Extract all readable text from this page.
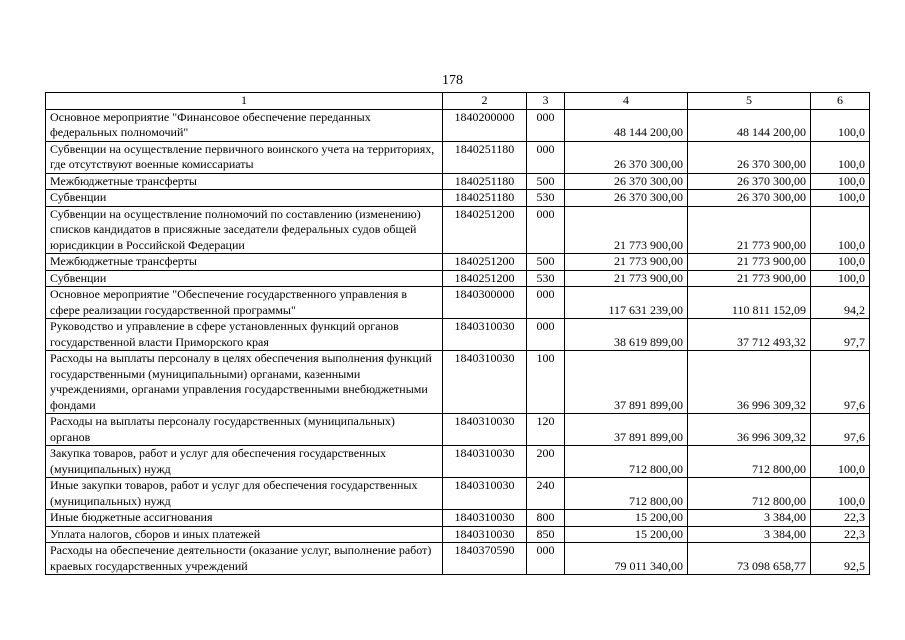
178
1	2	3	4	5	6
Основное мероприятие "Финансовое обеспечение переданных федеральных полномочий"	1840200000	000	48 144 200,00	48 144 200,00	100,0
Субвенции на осуществление первичного воинского учета на территориях, где отсутствуют военные комиссариаты	1840251180	000	26 370 300,00	26 370 300,00	100,0
Межбюджетные трансферты	1840251180	500	26 370 300,00	26 370 300,00	100,0
Субвенции	1840251180	530	26 370 300,00	26 370 300,00	100,0
Субвенции на осуществление полномочий по составлению (изменению) списков кандидатов в присяжные заседатели федеральных судов общей юрисдикции в Российской Федерации	1840251200	000	21 773 900,00	21 773 900,00	100,0
Межбюджетные трансферты	1840251200	500	21 773 900,00	21 773 900,00	100,0
Субвенции	1840251200	530	21 773 900,00	21 773 900,00	100,0
Основное мероприятие "Обеспечение государственного управления в сфере реализации государственной программы"	1840300000	000	117 631 239,00	110 811 152,09	94,2
Руководство и управление в сфере установленных функций органов государственной власти Приморского края	1840310030	000	38 619 899,00	37 712 493,32	97,7
Расходы на выплаты персоналу в целях обеспечения выполнения функций государственными (муниципальными) органами, казенными учреждениями, органами управления государственными внебюджетными фондами	1840310030	100	37 891 899,00	36 996 309,32	97,6
Расходы на выплаты персоналу государственных (муниципальных) органов	1840310030	120	37 891 899,00	36 996 309,32	97,6
Закупка товаров, работ и услуг для обеспечения государственных (муниципальных) нужд	1840310030	200	712 800,00	712 800,00	100,0
Иные закупки товаров, работ и услуг для обеспечения государственных (муниципальных) нужд	1840310030	240	712 800,00	712 800,00	100,0
Иные бюджетные ассигнования	1840310030	800	15 200,00	3 384,00	22,3
Уплата налогов, сборов и иных платежей	1840310030	850	15 200,00	3 384,00	22,3
Расходы на обеспечение деятельности (оказание услуг, выполнение работ) краевых государственных учреждений	1840370590	000	79 011 340,00	73 098 658,77	92,5
